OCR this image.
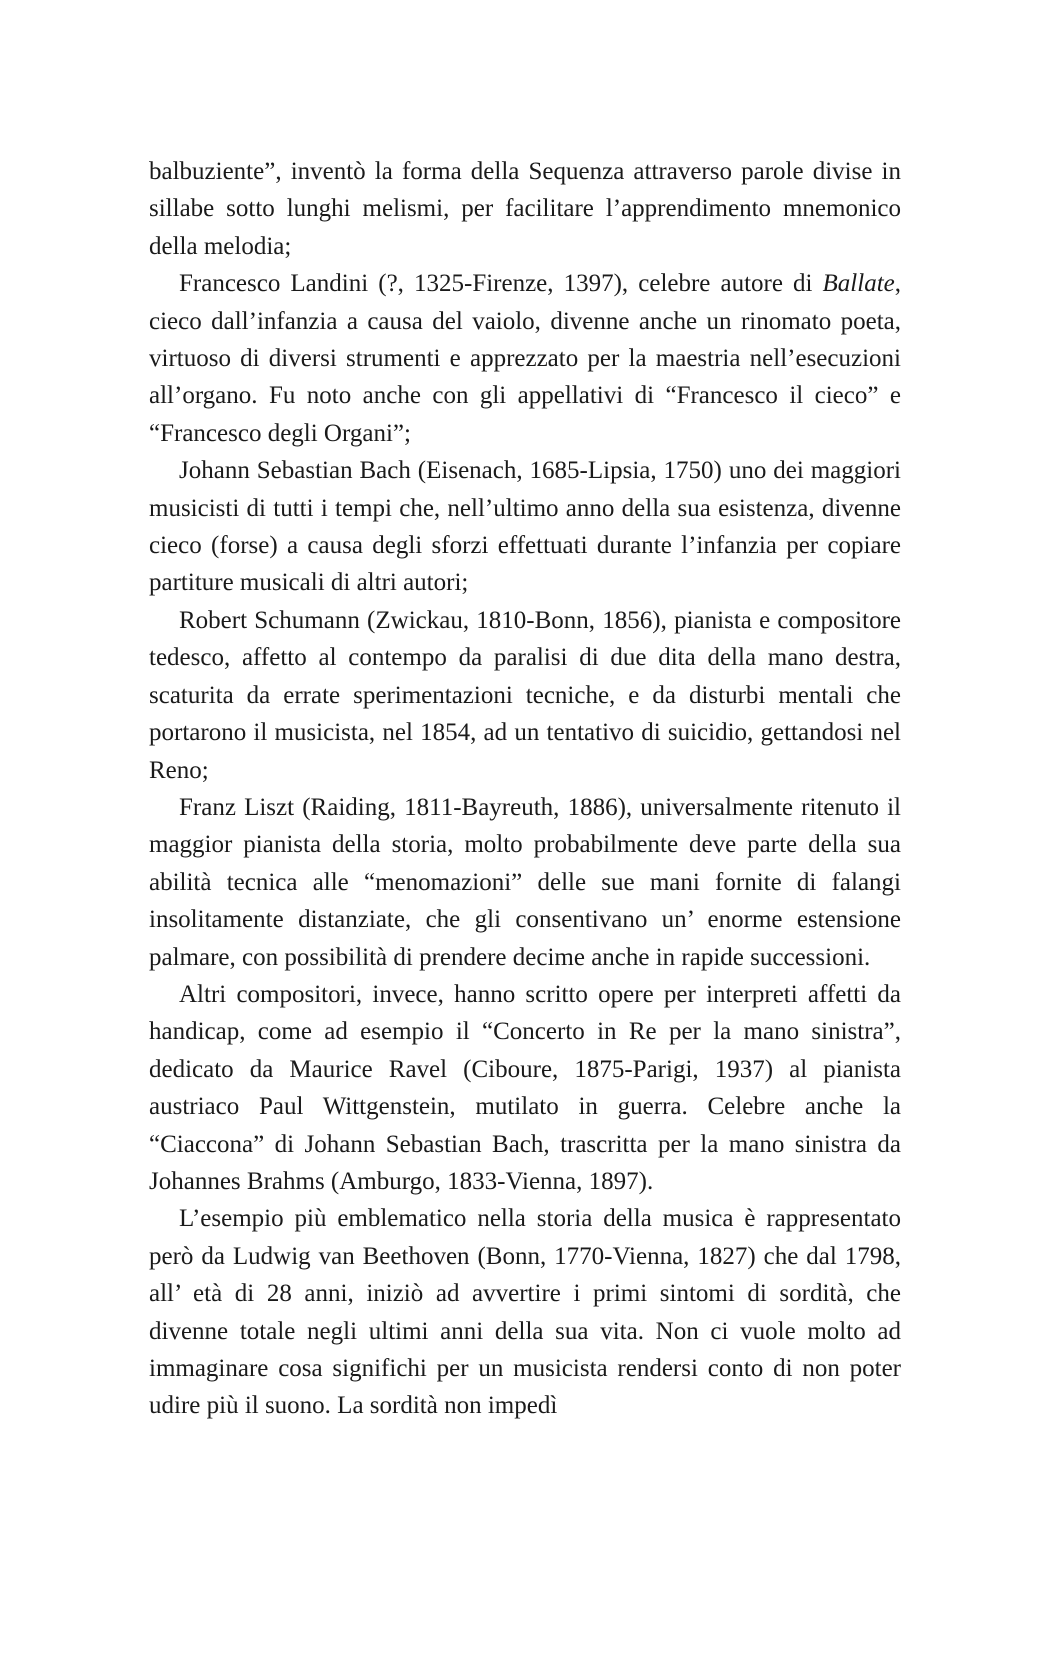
balbuziente”, inventò la forma della Sequenza attraverso parole divise in sillabe sotto lunghi melismi, per facilitare l’apprendimento mnemonico della melodia;

Francesco Landini (?, 1325-Firenze, 1397), celebre autore di Ballate, cieco dall’infanzia a causa del vaiolo, divenne anche un rinomato poeta, virtuoso di diversi strumenti e apprezzato per la maestria nell’esecuzioni all’organo. Fu noto anche con gli appellativi di “Francesco il cieco” e “Francesco degli Organi”;

Johann Sebastian Bach (Eisenach, 1685-Lipsia, 1750) uno dei maggiori musicisti di tutti i tempi che, nell’ultimo anno della sua esistenza, divenne cieco (forse) a causa degli sforzi effettuati durante l’infanzia per copiare partiture musicali di altri autori;

Robert Schumann (Zwickau, 1810-Bonn, 1856), pianista e compositore tedesco, affetto al contempo da paralisi di due dita della mano destra, scaturita da errate sperimentazioni tecniche, e da disturbi mentali che portarono il musicista, nel 1854, ad un tentativo di suicidio, gettandosi nel Reno;

Franz Liszt (Raiding, 1811-Bayreuth, 1886), universalmente ritenuto il maggior pianista della storia, molto probabilmente deve parte della sua abilità tecnica alle “menomazioni” delle sue mani fornite di falangi insolitamente distanziate, che gli consentivano un’ enorme estensione palmare, con possibilità di prendere decime anche in rapide successioni.

Altri compositori, invece, hanno scritto opere per interpreti affetti da handicap, come ad esempio il “Concerto in Re per la mano sinistra”, dedicato da Maurice Ravel (Ciboure, 1875-Parigi, 1937) al pianista austriaco Paul Wittgenstein, mutilato in guerra. Celebre anche la “Ciaccona” di Johann Sebastian Bach, trascritta per la mano sinistra da Johannes Brahms (Amburgo, 1833-Vienna, 1897).

L’esempio più emblematico nella storia della musica è rappresentato però da Ludwig van Beethoven (Bonn, 1770-Vienna, 1827) che dal 1798, all’ età di 28 anni, iniziò ad avvertire i primi sintomi di sordità, che divenne totale negli ultimi anni della sua vita. Non ci vuole molto ad immaginare cosa significhi per un musicista rendersi conto di non poter udire più il suono. La sordità non impedì
